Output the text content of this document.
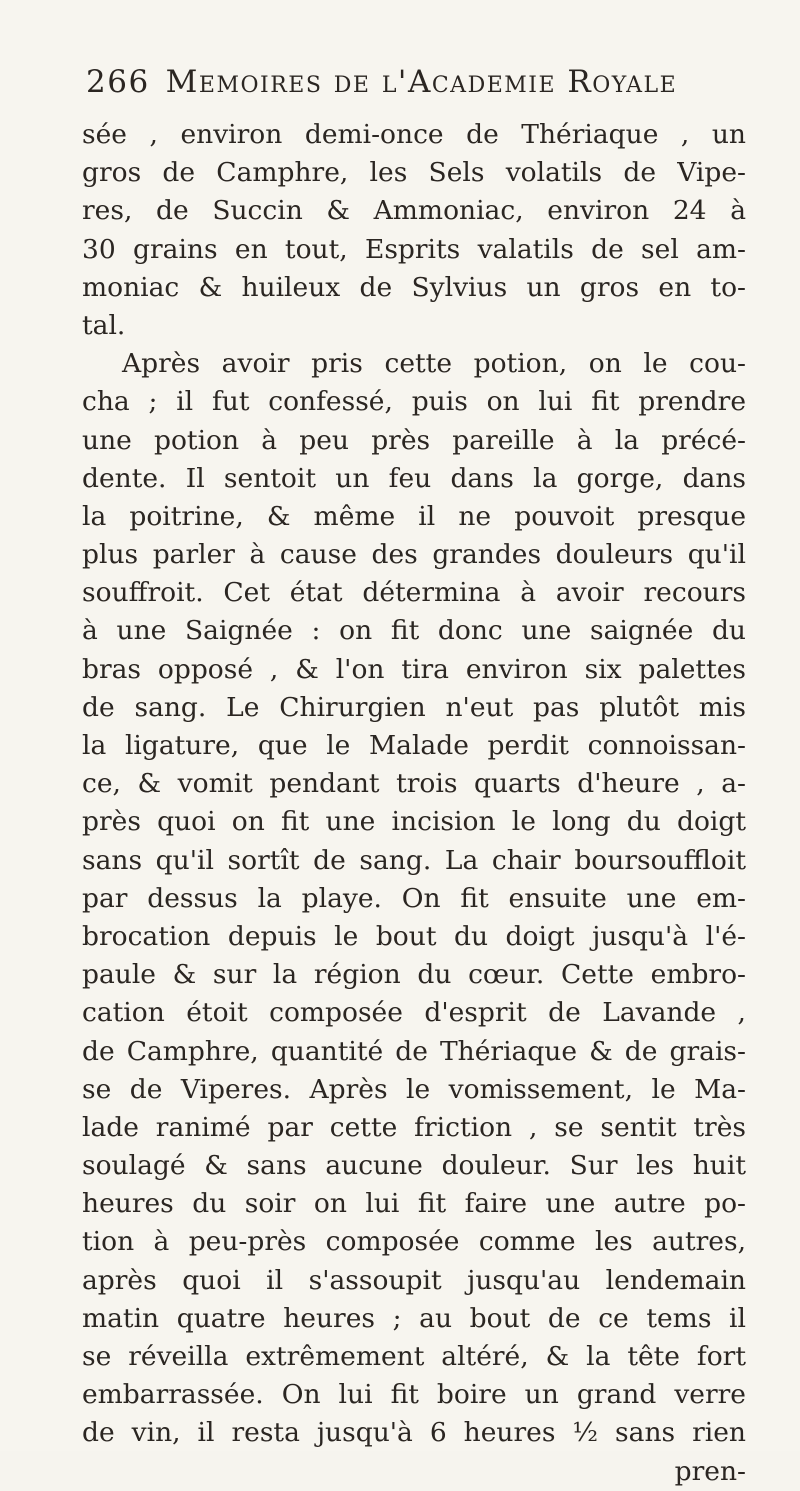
266 Memoires de l'Academie Royale
sée , environ demi-once de Thériaque , un
gros de Camphre, les Sels volatils de Vipe-
res, de Succin & Ammoniac, environ 24 à
30 grains en tout, Esprits valatils de sel am-
moniac & huileux de Sylvius un gros en to-
tal.
Après avoir pris cette potion, on le cou-
cha ; il fut confessé, puis on lui fit prendre
une potion à peu près pareille à la précé-
dente. Il sentoit un feu dans la gorge, dans
la poitrine, & même il ne pouvoit presque
plus parler à cause des grandes douleurs qu'il
souffroit. Cet état détermina à avoir recours
à une Saignée : on fit donc une saignée du
bras opposé , & l'on tira environ six palettes
de sang. Le Chirurgien n'eut pas plutôt mis
la ligature, que le Malade perdit connoissan-
ce, & vomit pendant trois quarts d'heure , a-
près quoi on fit une incision le long du doigt
sans qu'il sortît de sang. La chair boursouffloit
par dessus la playe. On fit ensuite une em-
brocation depuis le bout du doigt jusqu'à l'é-
paule & sur la région du cœur. Cette embro-
cation étoit composée d'esprit de Lavande ,
de Camphre, quantité de Thériaque & de grais-
se de Viperes. Après le vomissement, le Ma-
lade ranimé par cette friction , se sentit très
soulagé & sans aucune douleur. Sur les huit
heures du soir on lui fit faire une autre po-
tion à peu-près composée comme les autres,
après quoi il s'assoupit jusqu'au lendemain
matin quatre heures ; au bout de ce tems il
se réveilla extrêmement altéré, & la tête fort
embarrassée. On lui fit boire un grand verre
de vin, il resta jusqu'à 6 heures ½ sans rien
pren-
